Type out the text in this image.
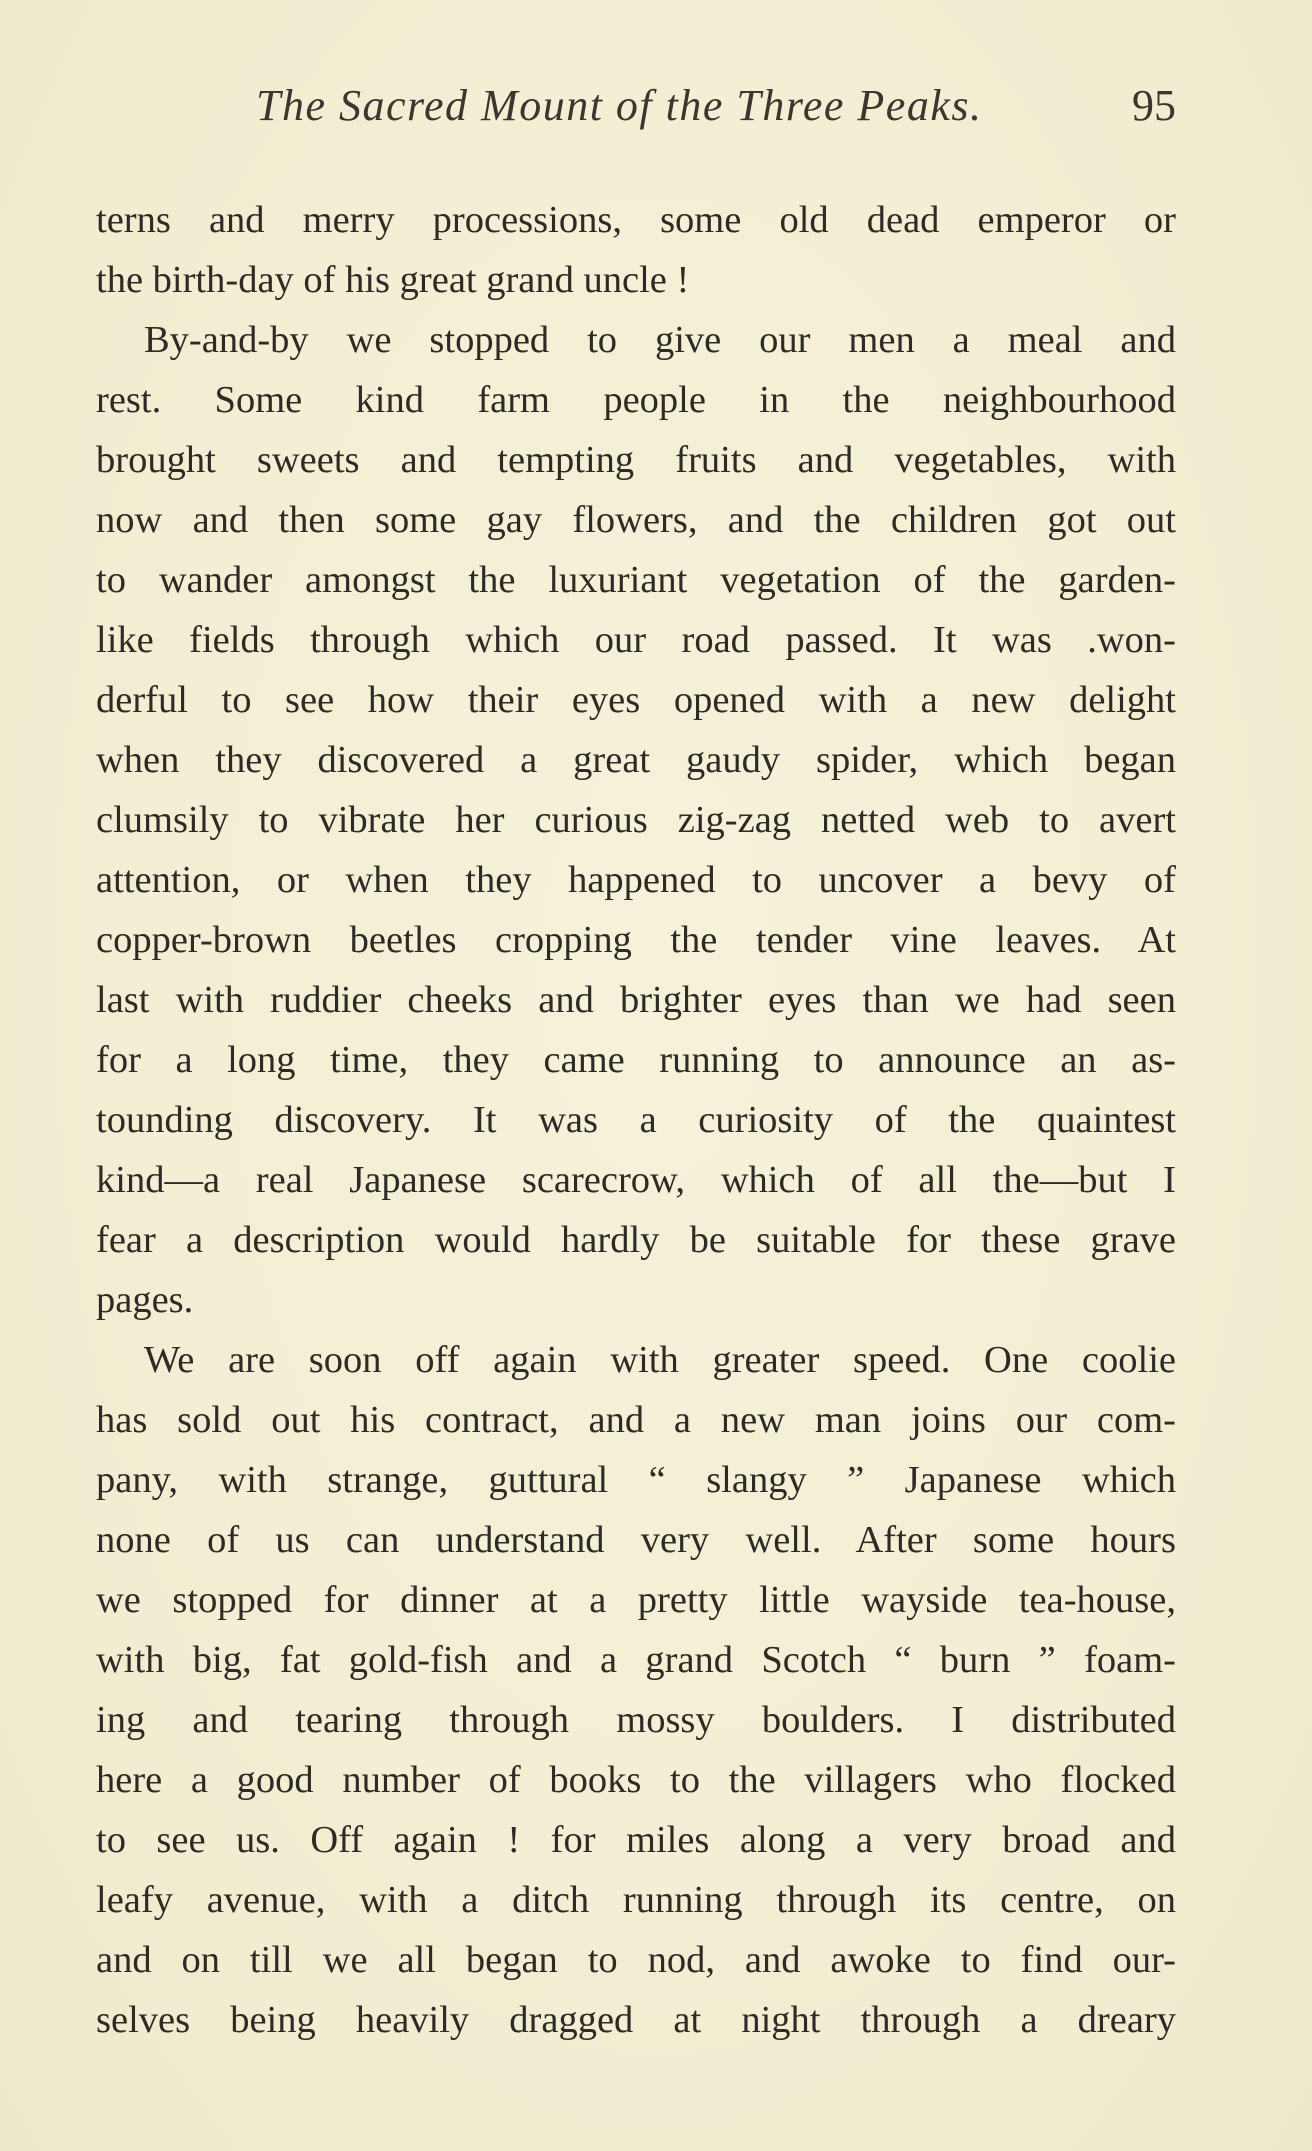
The Sacred Mount of the Three Peaks.	95
terns and merry processions, some old dead emperor or
the birth-day of his great grand uncle !
By-and-by we stopped to give our men a meal and
rest. Some kind farm people in the neighbourhood
brought sweets and tempting fruits and vegetables, with
now and then some gay flowers, and the children got out
to wander amongst the luxuriant vegetation of the garden-
like fields through which our road passed. It was .won-
derful to see how their eyes opened with a new delight
when they discovered a great gaudy spider, which began
clumsily to vibrate her curious zig-zag netted web to avert
attention, or when they happened to uncover a bevy of
copper-brown beetles cropping the tender vine leaves. At
last with ruddier cheeks and brighter eyes than we had seen
for a long time, they came running to announce an as-
tounding discovery. It was a curiosity of the quaintest
kind—a real Japanese scarecrow, which of all the—but I
fear a description would hardly be suitable for these grave
pages.
We are soon off again with greater speed. One coolie
has sold out his contract, and a new man joins our com-
pany, with strange, guttural “ slangy ” Japanese which
none of us can understand very well. After some hours
we stopped for dinner at a pretty little wayside tea-house,
with big, fat gold-fish and a grand Scotch “ burn ” foam-
ing and tearing through mossy boulders. I distributed
here a good number of books to the villagers who flocked
to see us. Off again ! for miles along a very broad and
leafy avenue, with a ditch running through its centre, on
and on till we all began to nod, and awoke to find our-
selves being heavily dragged at night through a dreary
